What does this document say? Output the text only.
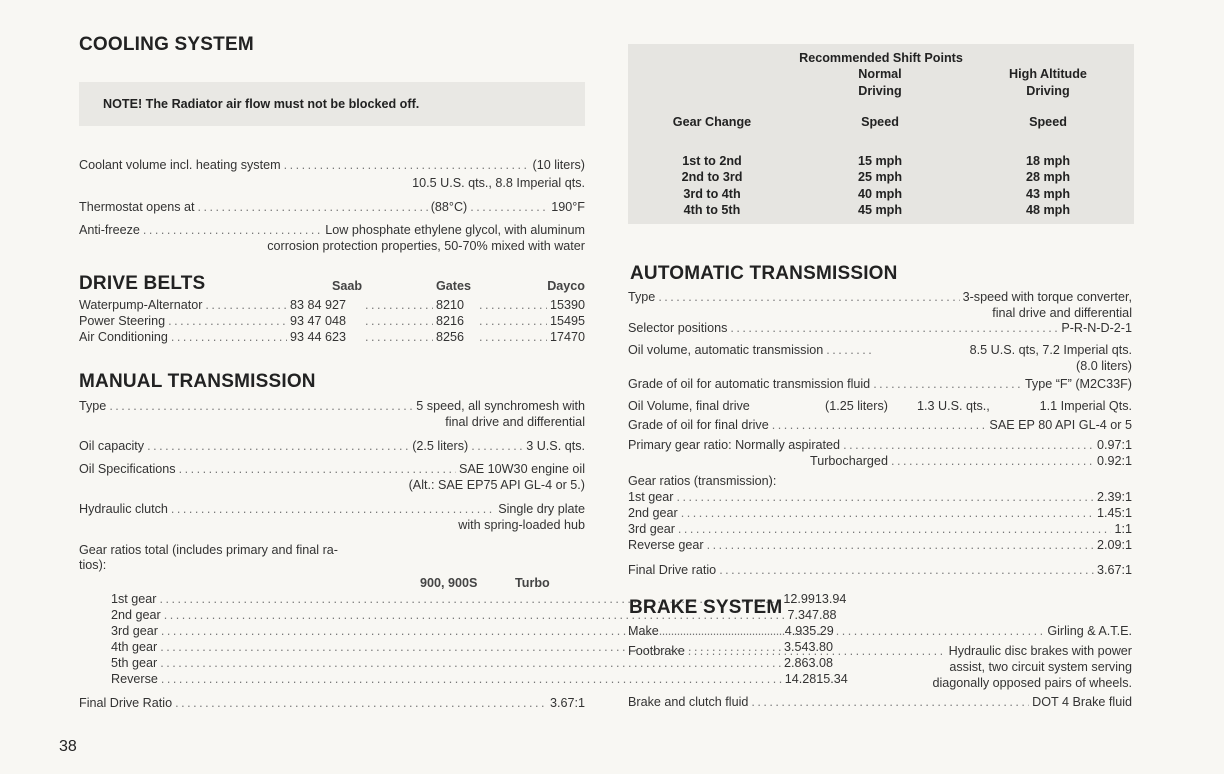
COOLING SYSTEM
NOTE! The Radiator air flow must not be blocked off.
Coolant volume incl. heating system . . .	(10 liters)
10.5 U.S. qts., 8.8 Imperial qts.
Thermostat opens at . . .	(88°C) . . .	190°F
Anti-freeze . . .	Low phosphate ethylene glycol, with aluminum
corrosion protection properties, 50-70% mixed with water
DRIVE BELTS	Saab	Gates	Dayco
Waterpump-Alternator . . .	83 84 927 . . .	8210 . . .	15390
Power Steering . . .	93 47 048 . . .	8216 . . .	15495
Air Conditioning . . .	93 44 623 . . .	8256 . . .	17470
MANUAL TRANSMISSION
Type . . .	5 speed, all synchromesh with
final drive and differential
Oil capacity . . .	(2.5 liters) . . .	3 U.S. qts.
Oil Specifications . . .	SAE 10W30 engine oil
(Alt.: SAE EP75 API GL-4 or 5.)
Hydraulic clutch . . .	Single dry plate
with spring-loaded hub
Gear ratios total (includes primary and final ra-
tios):
900, 900S	Turbo
1st gear . . .	12.99 13.94
2nd gear . . .	7.34 7.88
3rd gear . . .	4.93 5.29
4th gear . . .	3.54 3.80
5th gear . . .	2.86 3.08
Reverse . . .	14.28 15.34
Final Drive Ratio . . .	3.67:1
Recommended Shift Points
Normal
Driving
High Altitude
Driving
Gear Change	Speed	Speed
1st to 2nd	15 mph	18 mph
2nd to 3rd	25 mph	28 mph
3rd to 4th	40 mph	43 mph
4th to 5th	45 mph	48 mph
AUTOMATIC TRANSMISSION
Type . . .	3-speed with torque converter,
final drive and differential
Selector positions . . .	P-R-N-D-2-1
Oil volume, automatic transmission . . .	8.5 U.S. qts, 7.2 Imperial qts.
(8.0 liters)
Grade of oil for automatic transmission fluid . . .	Type “F” (M2C33F)
Oil Volume, final drive	(1.25 liters) 1.3 U.S. qts.,	1.1 Imperial Qts.
Grade of oil for final drive . . .	SAE EP 80 API GL-4 or 5
Primary gear ratio: Normally aspirated . . .	0.97:1
Turbocharged . . .	0.92:1
Gear ratios (transmission):
1st gear . . .	2.39:1
2nd gear . . .	1.45:1
3rd gear . . .	1:1
Reverse gear . . .	2.09:1
Final Drive ratio . . .	3.67:1
BRAKE SYSTEM
Make . . .	Girling & A.T.E.
Footbrake . . .	Hydraulic disc brakes with power
assist, two circuit system serving
diagonally opposed pairs of wheels.
Brake and clutch fluid . . .	DOT 4 Brake fluid
38
